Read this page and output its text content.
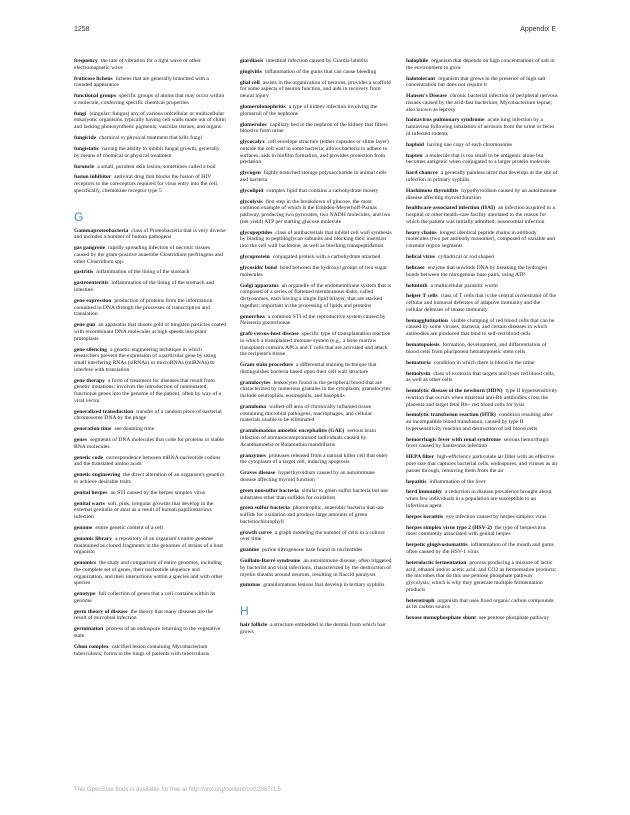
1258	Appendix E
frequency the rate of vibration for a light wave or other electromagnetic wave
fruticose lichens lichens that are generally branched with a rounded appearance
functional groups specific groups of atoms that may occur within a molecule, conferring specific chemical properties
fungi (singular: fungus) any of various unicellular or multicellular eukaryotic organisms, typically having cell walls made out of chitin and lacking photosynthetic pigments, vascular tissues, and organs
fungicide chemical or physical treatment that kills fungi
fungistatic having the ability to inhibit fungal growth, generally by means of chemical or physical treatment
furuncle a small, purulent skin lesion; sometimes called a boil
fusion inhibitor antiviral drug that blocks the fusion of HIV receptors to the coreceptors required for virus entry into the cell, specifically, chemokine receptor type 5
G
Gammaproteobacteria class of Proteobacteria that is very diverse and includes a number of human pathogens
gas gangrene rapidly spreading infection of necrotic tissues caused by the gram-positive anaerobe Clostridium perfringens and other Clostridium spp.
gastritis inflammation of the lining of the stomach
gastroenteritis inflammation of the lining of the stomach and intestine
gene expression production of proteins from the information contained in DNA through the processes of transcription and translation
gene gun an apparatus that shoots gold or tungsten particles coated with recombinant DNA molecules at high speeds into plant protoplasts
gene silencing a genetic engineering technique in which researchers prevent the expression of a particular gene by using small interfering RNAs (siRNAs) or microRNAs (miRNAs) to interfere with translation
gene therapy a form of treatment for diseases that result from genetic mutations; involves the introduction of nonmutated, functional genes into the genome of the patient, often by way of a viral vector
generalized transduction transfer of a random piece of bacterial chromosome DNA by the phage
generation time see doubling time
genes segments of DNA molecules that code for proteins or stable RNA molecules
genetic code correspondence between mRNA nucleotide codons and the translated amino acids
genetic engineering the direct alteration of an organism's genetics to achieve desirable traits
genital herpes an STI caused by the herpes simplex virus
genital warts soft, pink, irregular growths that develop in the external genitalia or anus as a result of human papillomavirus infection
genome entire genetic content of a cell
genomic library a repository of an organism's entire genome maintained as cloned fragments in the genomes of strains of a host organism
genomics the study and comparison of entire genomes, including the complete set of genes, their nucleotide sequence and organization, and their interactions within a species and with other species
genotype full collection of genes that a cell contains within its genome
germ theory of disease the theory that many diseases are the result of microbial infection
germination process of an endospore returning to the vegetative state
Ghon complex calcified lesion containing Mycobacterium tuberculosis; forms in the lungs of patients with tuberculosis
giardiasis intestinal infection caused by Giardia lamblia
gingivitis inflammation of the gums that can cause bleeding
glial cell assists in the organization of neurons, provides a scaffold for some aspects of neuron function, and aids in recovery from neural injury
glomerulonephritis a type of kidney infection involving the glomeruli of the nephrons
glomerulus capillary bed in the nephron of the kidney that filters blood to form urine
glycocalyx cell envelope structure (either capsules or slime layer) outside the cell wall in some bacteria; allows bacteria to adhere to surfaces, aids in biofilm formation, and provides protection from predation
glycogen highly branched storage polysaccharide in animal cells and bacteria
glycolipid complex lipid that contains a carbohydrate moiety
glycolysis first step in the breakdown of glucose, the most common example of which is the Embden-Meyerhoff-Parnas pathway, producing two pyruvates, two NADH molecules, and two (net yield) ATP per starting glucose molecule
glycopeptides class of antibacterials that inhibit cell wall synthesis by binding to peptidoglycan subunits and blocking their insertion into the cell wall backbone, as well as blocking transpeptidation
glycoprotein conjugated protein with a carbohydrate attached
glycosidic bond bond between the hydroxyl groups of two sugar molecules
Golgi apparatus an organelle of the endomembrane system that is composed of a series of flattened membranous disks, called dictyosomes, each having a single lipid bilayer, that are stacked together; important in the processing of lipids and proteins
gonorrhea a common STI of the reproductive system caused by Neisseria gonorrhoeae
graft-versus-host disease specific type of transplantation reaction in which a transplanted immune system (e.g., a bone marrow transplant) contains APCs and T cells that are activated and attack the recipient's tissue
Gram stain procedure a differential staining technique that distinguishes bacteria based upon their cell wall structure
granulocytes leukocytes found in the peripheral blood that are characterized by numerous granules in the cytoplasm; granulocytes include neutrophils, eosinophils, and basophils
granuloma walled-off area of chronically inflamed tissue containing microbial pathogens, macrophages, and cellular materials unable to be eliminated
granulomatous amoebic encephalitis (GAE) serious brain infection of immunocompromised individuals caused by Acanthamoeba or Balamuthia mandrillaris
granzymes proteases released from a natural killer cell that enter the cytoplasm of a target cell, inducing apoptosis
Graves disease hyperthyroidism caused by an autoimmune disease affecting thyroid function
green nonsulfur bacteria similar to green sulfur bacteria but use substrates other than sulfides for oxidation
green sulfur bacteria phototrophic, anaerobic bacteria that use sulfide for oxidation and produce large amounts of green bacteriochlorophyll
growth curve a graph modeling the number of cells in a culture over time
guanine purine nitrogenous base found in nucleotides
Guillain-Barré syndrome an autoimmune disease, often triggered by bacterial and viral infections, characterized by the destruction of myelin sheaths around neurons, resulting in flaccid paralysis
gummas granulomatous lesions that develop in tertiary syphilis
H
hair follicle a structure embedded in the dermis from which hair grows
halophile organism that depends on high concentrations of salt in the environment to grow
halotolerant organism that grows in the presence of high salt concentration but does not require it
Hansen's Disease chronic bacterial infection of peripheral nervous tissues caused by the acid-fast bacterium, Mycobacterium leprae; also known as leprosy
hantavirus pulmonary syndrome acute lung infection by a hantavirus following inhalation of aerosols from the urine or feces of infected rodents
haploid having one copy of each chromosome
hapten a molecule that is too small to be antigenic alone but becomes antigenic when conjugated to a larger protein molecule
hard chancre a generally painless ulcer that develops at the site of infection in primary syphilis
Hashimoto thyroiditis hypothyroidism caused by an autoimmune disease affecting thyroid function
healthcare-associated infection (HAI) an infection acquired in a hospital or other health-care facility unrelated to the reason for which the patient was initially admitted; nosocomial infection
heavy chains longest identical peptide chains in antibody molecules (two per antibody monomer), composed of variable and constant region segments
helical virus cylindrical or rod shaped
helicase enzyme that unwinds DNA by breaking the hydrogen bonds between the nitrogenous base pairs, using ATP
helminth a multicellular parasitic worm
helper T cells class of T cells that is the central orchestrator of the cellular and humoral defenses of adaptive immunity and the cellular defenses of innate immunity
hemagglutination visible clumping of red blood cells that can be caused by some viruses, bacteria, and certain diseases in which antibodies are produced that bind to self-red blood cells
hematopoiesis formation, development, and differentiation of blood cells from pluripotent hematopoietic stem cells
hematuria condition in which there is blood in the urine
hemolysin class of exotoxin that targets and lyses red blood cells, as well as other cells
hemolytic disease of the newborn (HDN) type II hypersensitivity reaction that occurs when maternal anti-Rh antibodies cross the placenta and target fetal Rh+ red blood cells for lysis
hemolytic transfusion reaction (HTR) condition resulting after an incompatible blood transfusion, caused by type II hypersensitivity reaction and destruction of red blood cells
hemorrhagic fever with renal syndrome serious hemorrhagic fever caused by hantavirus infection
HEPA filter high-efficiency particulate air filter with an effective pore size that captures bacterial cells, endospores, and viruses as air passes through, removing them from the air
hepatitis inflammation of the liver
herd immunity a reduction in disease prevalence brought about when few individuals in a population are susceptible to an infectious agent
herpes keratitis eye infection caused by herpes simplex virus
herpes simplex virus type 2 (HSV-2) the type of herpesvirus most commonly associated with genital herpes
herpetic gingivostomatitis inflammation of the mouth and gums often caused by the HSV-1 virus
heterolactic fermentation process producing a mixture of lactic acid, ethanol and/or acetic acid, and CO2 as fermentation products; the microbes that do this use pentose phosphate pathway glycolysis, which is why they generate multiple fermentation products
heterotroph organism that uses fixed organic carbon compounds as its carbon source
hexose monophosphate shunt see pentose phosphate pathway
This OpenStax book is available for free at http://cnx.org/content/col12087/1.5
